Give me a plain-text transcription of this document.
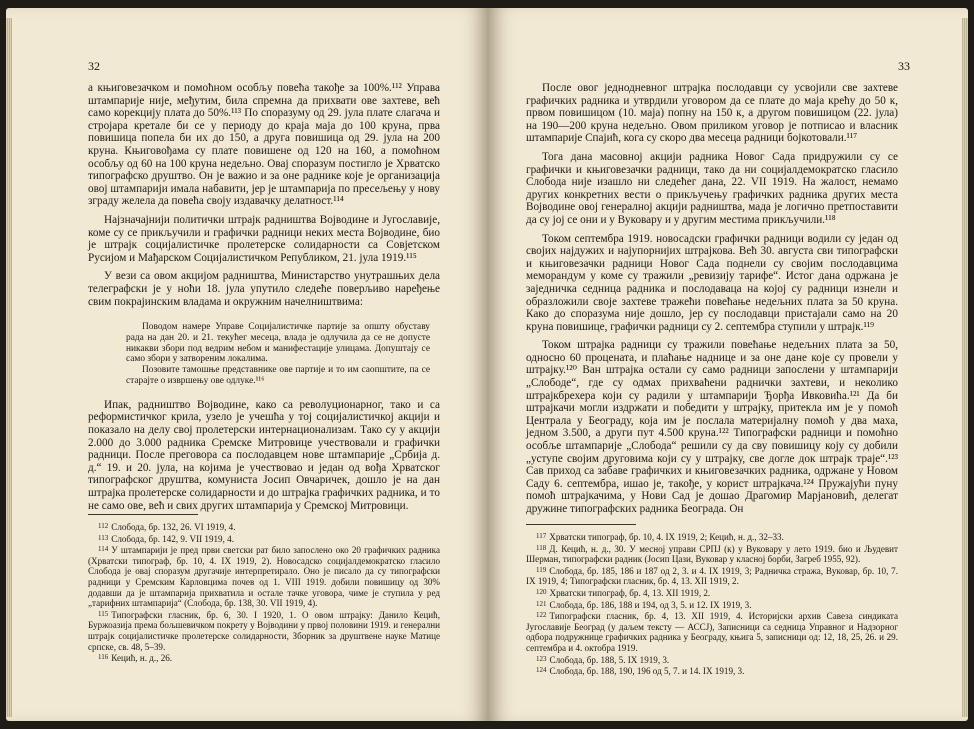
32

а књиговезачком и помоћном особљу повећа такође за 100%.¹¹² Управа штампарије није, међутим, била спремна да прихвати ове захтеве, већ само корекцију плата до 50%.¹¹³ По споразуму од 29. јула плате слагача и стројара кретале би се у периоду до краја маја до 100 круна, прва повишица попела би их до 150, а друга повишица од 29. јула на 200 круна. Књиговођама су плате повишене од 120 на 160, а помоћном особљу од 60 на 100 круна недељно. Овај споразум постигло је Хрватско типографско друштво. Он је важио и за оне раднике које је организација овој штампарији имала набавити, јер је штампарија по пресељењу у нову зграду желела да повећа своју издавачку делатност.¹¹⁴

Најзначајнији политички штрајк радништва Војводине и Југославије, коме су се прикључили и графички радници неких места Војводине, био је штрајк социјалистичке пролетерске солидарности са Совјетском Русијом и Мађарском Социјалистичком Републиком, 21. јула 1919.¹¹⁵

У вези са овом акцијом радништва, Министарство унутрашњих дела телеграфски је у ноћи 18. јула упутило следеће поверљиво наређење свим покрајинским владама и окружним начелништвима:

Поводом намере Управе Социјалистичке партије за општу обуставу рада на дан 20. и 21. текућег месеца, влада је одлучила да се не допусте никакви збори под ведрим небом и манифестације улицама. Допуштају се само збори у затвореним локалима.

Позовите тамошње представнике ове партије и то им саопштите, па се старајте о извршењу ове одлуке.¹¹⁶

Ипак, радништво Војводине, како са револуционарног, тако и са реформистичког крила, узело је учешћа у тој социјалистичкој акцији и показало на делу свој пролетерски интернационализам. Тако су у акцији 2.000 до 3.000 радника Сремске Митровице учествовали и графички радници. После преговора са послодавцем нове штампарије „Србија д. д.“ 19. и 20. јула, на којима је учествовао и један од вођа Хрватског типографског друштва, комуниста Јосип Овчаричек, дошло је на дан штрајка пролетерске солидарности и до штрајка графичких радника, и то не само ове, већ и свих других штампарија у Сремској Митровици.

$^{112}$ Слобода, бр. 132, 26. VI 1919, 4.

$^{113}$ Слобода, бр. 142, 9. VII 1919, 4.

$^{114}$ У штампарији је пред први светски рат било запослено око 20 графичких радника (Хрватски типограф, бр. 10, 4. IX 1919, 2). Новосадско социјалдемократско гласило Слобода је овај споразум другачије интерпретирало. Оно је писало да су типографски радници у Сремским Карловцима почев од 1. VIII 1919. добили повишицу од 30% додавши да је штампарија прихватила и остале тачке уговора, чиме је ступила у ред „тарифних штампарија“ (Слобода, бр. 138, 30. VII 1919, 4).

$^{115}$ Типографски гласник, бр. 6, 30. I 1920, 1. О овом штрајку: Данило Кецић, Буржоазија према бољшевичком покрету у Војводини у првој половини 1919. и генерални штрајк социјалистичке пролетерске солидарности, Зборник за друштвене науке Матице српске, св. 48, 5–39.

$^{116}$ Кецић, н. д., 26.

33

После овог једнодневног штрајка послодавци су усвојили све захтеве графичких радника и утврдили уговором да се плате до маја крећу до 50 к, првом повишицом (10. маја) попну на 150 к, а другом повишицом (22. јула) на 190—200 круна недељно. Овом приликом уговор је потписао и власник штампарије Спајић, кога су скоро два месеца радници бојкотовали.¹¹⁷

Тога дана масовној акцији радника Новог Сада придружили су се графички и књиговезачки радници, тако да ни социјалдемократско гласило Слобода није изашло ни следећег дана, 22. VII 1919. На жалост, немамо других конкретних вести о прикључењу графичких радника других места Војводине овој генералној акцији радништва, мада је логично претпоставити да су јој се они и у Вуковару и у другим местима прикључили.¹¹⁸

Током септембра 1919. новосадски графички радници водили су један од својих најдужих и најупорнијих штрајкова. Већ 30. августа сви типографски и књиговезачки радници Новог Сада поднели су својим послодавцима меморандум у коме су тражили „ревизију тарифе“. Истог дана одржана је заједничка седница радника и послодаваца на којој су радници изнели и образложили своје захтеве тражећи повећање недељних плата за 50 круна. Како до споразума није дошло, јер су послодавци пристајали само на 20 круна повишице, графички радници су 2. септембра ступили у штрајк.¹¹⁹

Током штрајка радници су тражили повећање недељних плата за 50, односно 60 процената, и плаћање наднице и за оне дане које су провели у штрајку.¹²⁰ Ван штрајка остали су само радници запослени у штампарији „Слободе“, где су одмах прихваћени раднички захтеви, и неколико штрајкбрехера који су радили у штампарији Ђорђа Ивковића.¹²¹ Да би штрајкачи могли издржати и победити у штрајку, притекла им је у помоћ Централа у Београду, која им је послала материјалну помоћ у два маха, једном 3.500, а други пут 4.500 круна.¹²² Типографски радници и помоћно особље штампарије „Слобода“ решили су да сву повишицу коју су добили „уступе својим друговима који су у штрајку, све догле док штрајк траје“.¹²³ Сав приход са забаве графичких и књиговезачких радника, одржане у Новом Саду 6. септембра, ишао је, такође, у корист штрајкача.¹²⁴ Пружајући пуну помоћ штрајкачима, у Нови Сад је дошао Драгомир Марјановић, делегат дружине типографских радника Београда. Он

$^{117}$ Хрватски типограф, бр. 10, 4. IX 1919, 2; Кецић, н. д., 32–33.

$^{118}$ Д. Кецић, н. д., 30. У месној управи СРПЈ (к) у Вуковару у лето 1919. био и Људевит Шерман, типографски радник (Јосип Цази, Вуковар у класној борби, Загреб 1955, 92).

$^{119}$ Слобода, бр. 185, 186 и 187 од 2, 3. и 4. IX 1919, 3; Радничка стража, Вуковар, бр. 10, 7. IX 1919, 4; Типографски гласник, бр. 4, 13. XII 1919, 2.

$^{120}$ Хрватски типограф, бр. 4, 13. XII 1919, 2.

$^{121}$ Слобода, бр. 186, 188 и 194, од 3, 5. и 12. IX 1919, 3.

$^{122}$ Типографски гласник, бр. 4, 13. XII 1919, 4. Историјски архив Савеза синдиката Југославије Београд (у даљем тексту — АССЈ), Записници са седница Управног и Надзорног одбора подружнице графичких радника у Београду, књига 5, записници од: 12, 18, 25, 26. и 29. септембра и 4. октобра 1919.

$^{123}$ Слобода, бр. 188, 5. IX 1919, 3.

$^{124}$ Слобода, бр. 188, 190, 196 од 5, 7. и 14. IX 1919, 3.
